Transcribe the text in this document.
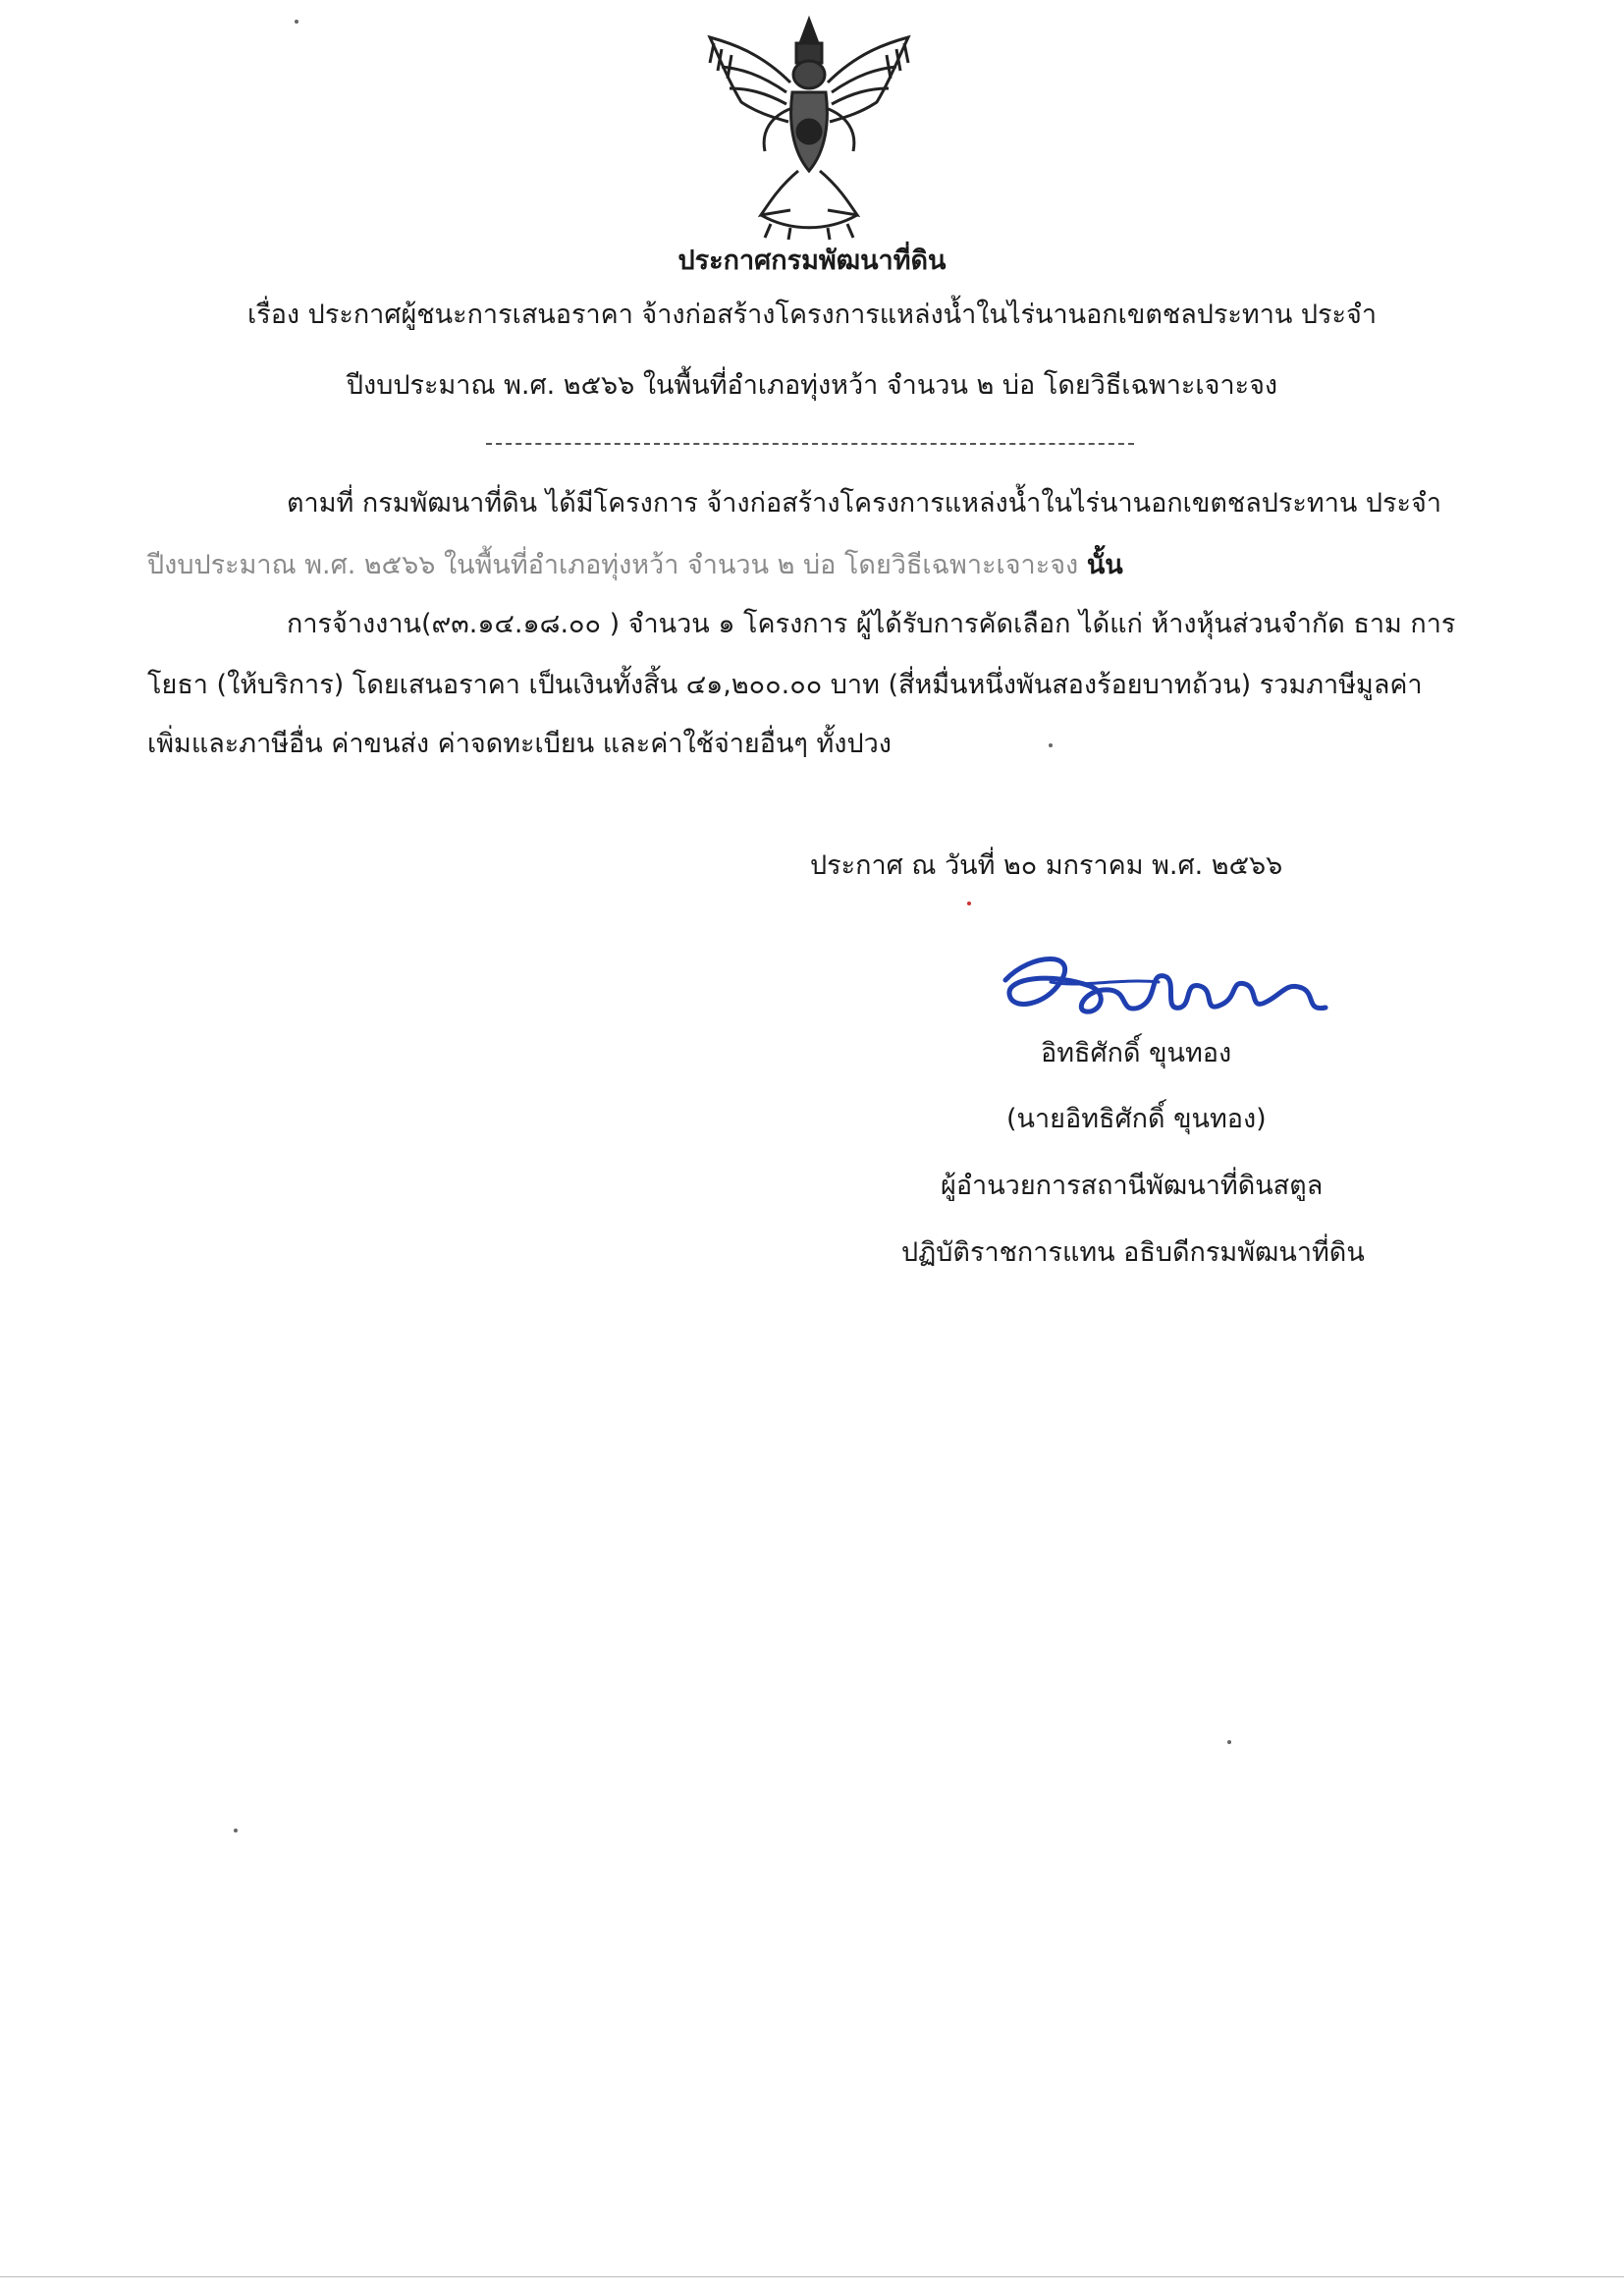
ประกาศกรมพัฒนาที่ดิน
เรื่อง ประกาศผู้ชนะการเสนอราคา จ้างก่อสร้างโครงการแหล่งน้ำในไร่นานอกเขตชลประทาน ประจำ
ปีงบประมาณ พ.ศ. ๒๕๖๖ ในพื้นที่อำเภอทุ่งหว้า จำนวน ๒ บ่อ โดยวิธีเฉพาะเจาะจง
ตามที่ กรมพัฒนาที่ดิน ได้มีโครงการ จ้างก่อสร้างโครงการแหล่งน้ำในไร่นานอกเขตชลประทาน ประจำ
ปีงบประมาณ พ.ศ. ๒๕๖๖ ในพื้นที่อำเภอทุ่งหว้า จำนวน ๒ บ่อ โดยวิธีเฉพาะเจาะจง นั้น
การจ้างงาน(๙๓.๑๔.๑๘.๐๐ ) จำนวน ๑ โครงการ ผู้ได้รับการคัดเลือก ได้แก่ ห้างหุ้นส่วนจำกัด ธาม การ
โยธา (ให้บริการ) โดยเสนอราคา เป็นเงินทั้งสิ้น ๔๑,๒๐๐.๐๐ บาท (สี่หมื่นหนึ่งพันสองร้อยบาทถ้วน) รวมภาษีมูลค่า
เพิ่มและภาษีอื่น ค่าขนส่ง ค่าจดทะเบียน และค่าใช้จ่ายอื่นๆ ทั้งปวง
ประกาศ ณ วันที่ ๒๐ มกราคม พ.ศ. ๒๕๖๖
อิทธิศักดิ์ ขุนทอง
(นายอิทธิศักดิ์ ขุนทอง)
ผู้อำนวยการสถานีพัฒนาที่ดินสตูล
ปฏิบัติราชการแทน อธิบดีกรมพัฒนาที่ดิน
